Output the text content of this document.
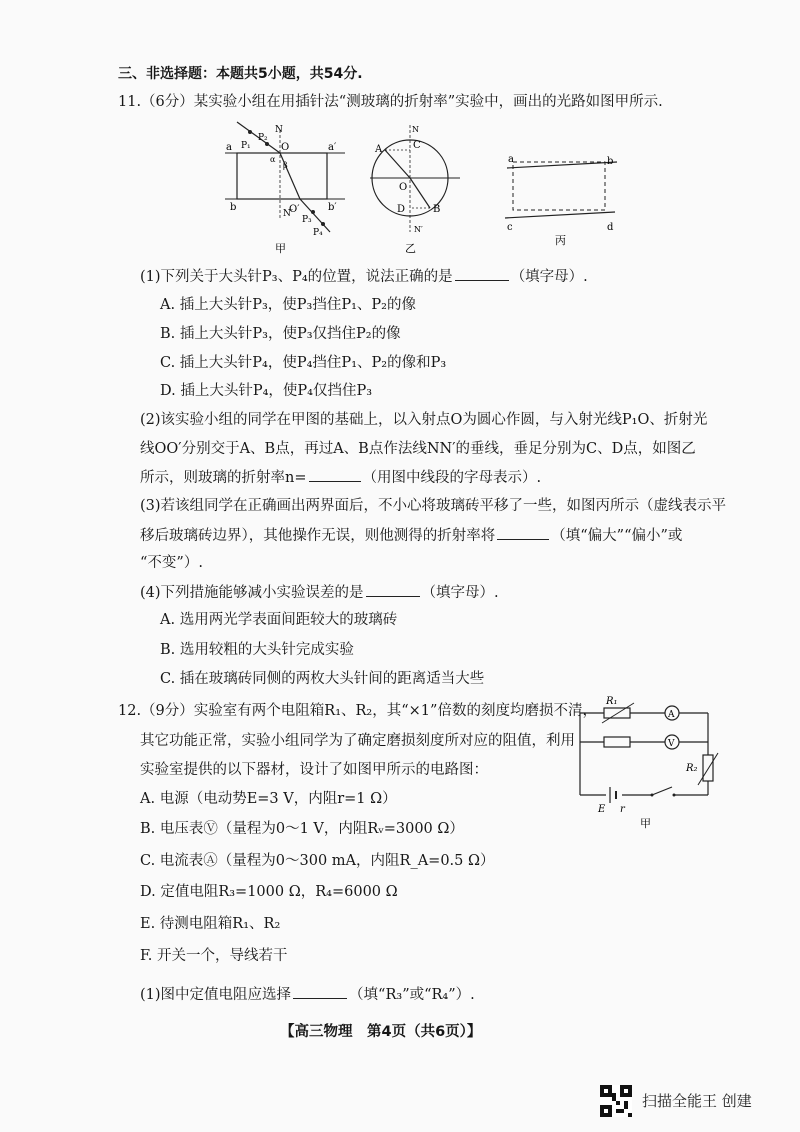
三、非选择题：本题共5小题，共54分.
11.（6分）某实验小组在用插针法“测玻璃的折射率”实验中，画出的光路如图甲所示.
P₁
P₂
P₃
P₄
N
N′
O
O′
a	a′
b	b′
α
β
甲
A	C
O
D	B
N
N′
乙
a	b
c	d
丙
(1)下列关于大头针P₃、P₄的位置，说法正确的是	（填字母）.
A. 插上大头针P₃，使P₃挡住P₁、P₂的像
B. 插上大头针P₃，使P₃仅挡住P₂的像
C. 插上大头针P₄，使P₄挡住P₁、P₂的像和P₃
D. 插上大头针P₄，使P₄仅挡住P₃
(2)该实验小组的同学在甲图的基础上，以入射点O为圆心作圆，与入射光线P₁O、折射光
线OO′分别交于A、B点，再过A、B点作法线NN′的垂线，垂足分别为C、D点，如图乙
所示，则玻璃的折射率n=	（用图中线段的字母表示）.
(3)若该组同学在正确画出两界面后，不小心将玻璃砖平移了一些，如图丙所示（虚线表示平
移后玻璃砖边界），其他操作无误，则他测得的折射率将	（填“偏大”“偏小”或
“不变”）.
(4)下列措施能够减小实验误差的是	（填字母）.
A. 选用两光学表面间距较大的玻璃砖
B. 选用较粗的大头针完成实验
C. 插在玻璃砖同侧的两枚大头针间的距离适当大些
12.（9分）实验室有两个电阻箱R₁、R₂，其“×1”倍数的刻度均磨损不清，
其它功能正常，实验小组同学为了确定磨损刻度所对应的阻值，利用
实验室提供的以下器材，设计了如图甲所示的电路图：
A. 电源（电动势E=3 V，内阻r=1 Ω）
B. 电压表Ⓥ（量程为0～1 V，内阻Rᵥ=3000 Ω）
C. 电流表Ⓐ（量程为0～300 mA，内阻R_A=0.5 Ω）
D. 定值电阻R₃=1000 Ω，R₄=6000 Ω
E. 待测电阻箱R₁、R₂
F. 开关一个，导线若干
(1)图中定值电阻应选择	（填“R₃”或“R₄”）.
A
V
R₁
R₂
E r
甲
【高三物理　第4页（共6页）】
扫描全能王 创建
